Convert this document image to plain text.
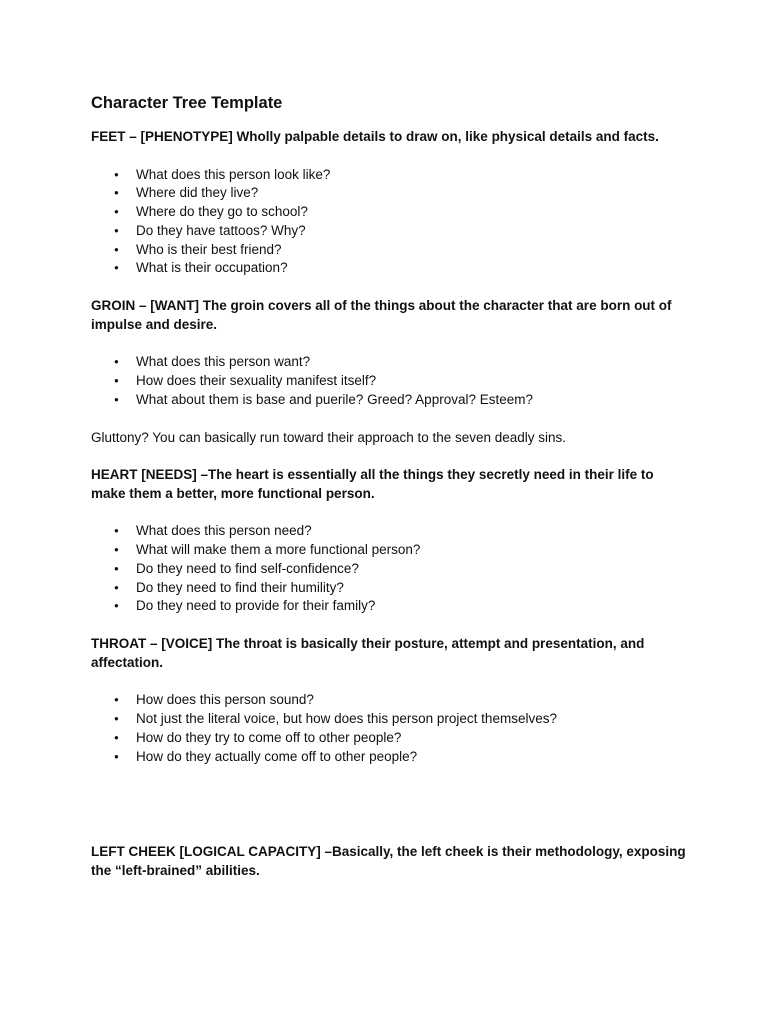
Character Tree Template

FEET – [PHENOTYPE] Wholly palpable details to draw on, like physical details and facts.

● What does this person look like?
● Where did they live?
● Where do they go to school?
● Do they have tattoos? Why?
● Who is their best friend?
● What is their occupation?

GROIN – [WANT] The groin covers all of the things about the character that are born out of impulse and desire.

● What does this person want?
● How does their sexuality manifest itself?
● What about them is base and puerile? Greed? Approval? Esteem?

Gluttony? You can basically run toward their approach to the seven deadly sins.

HEART [NEEDS] –The heart is essentially all the things they secretly need in their life to make them a better, more functional person.

● What does this person need?
● What will make them a more functional person?
● Do they need to find self-confidence?
● Do they need to find their humility?
● Do they need to provide for their family?

THROAT – [VOICE] The throat is basically their posture, attempt and presentation, and affectation.

● How does this person sound?
● Not just the literal voice, but how does this person project themselves?
● How do they try to come off to other people?
● How do they actually come off to other people?

LEFT CHEEK [LOGICAL CAPACITY] –Basically, the left cheek is their methodology, exposing the “left-brained” abilities.
